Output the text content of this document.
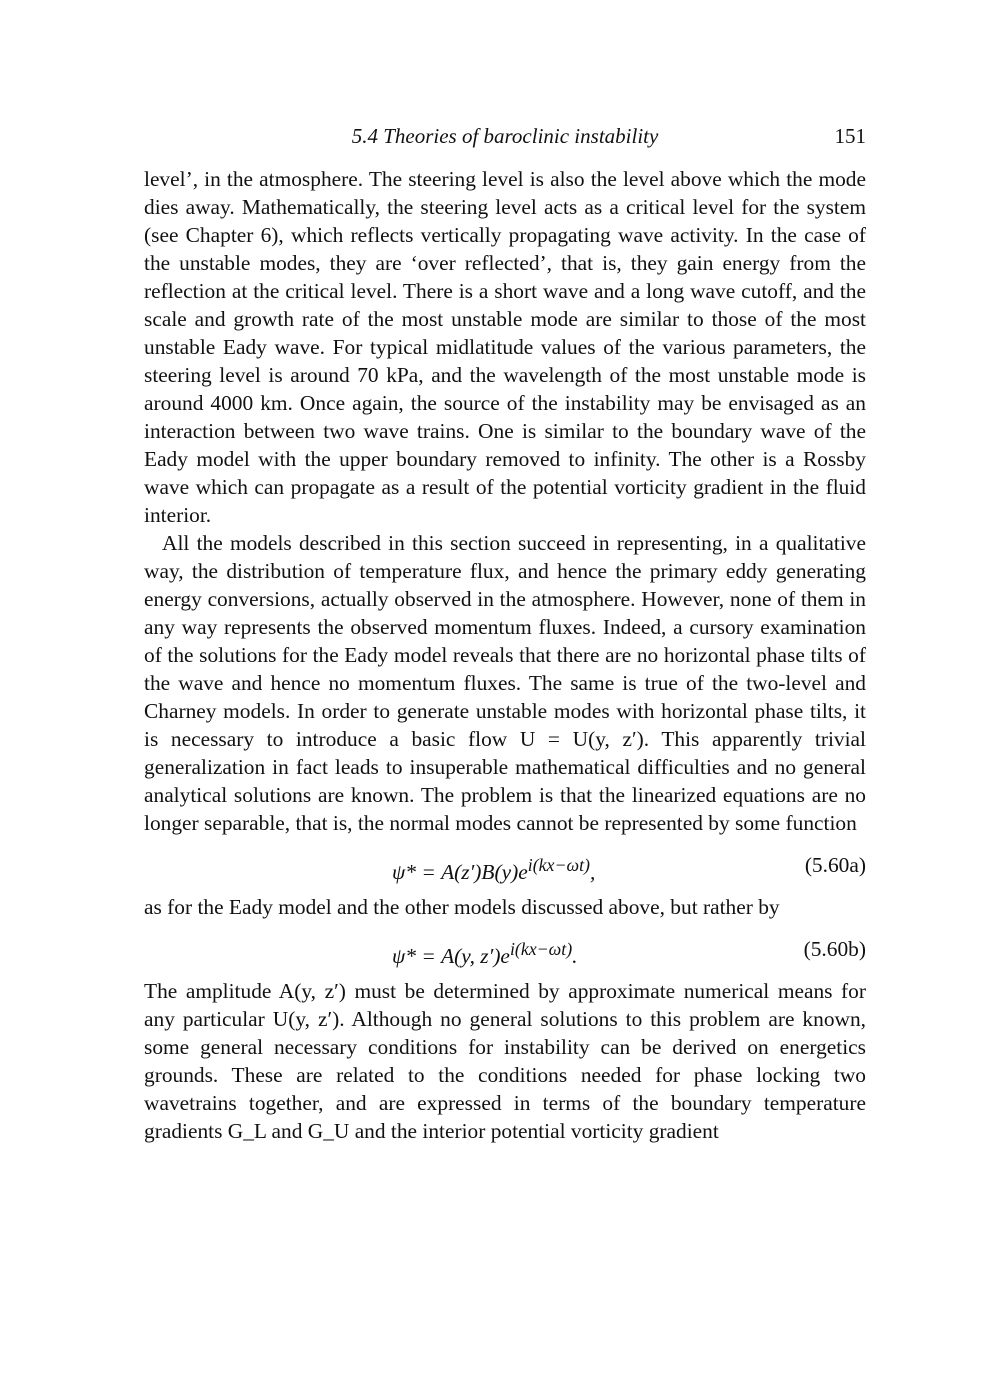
5.4 Theories of baroclinic instability	151

level’, in the atmosphere. The steering level is also the level above which the mode dies away. Mathematically, the steering level acts as a critical level for the system (see Chapter 6), which reflects vertically propagating wave activity. In the case of the unstable modes, they are ‘over reflected’, that is, they gain energy from the reflection at the critical level. There is a short wave and a long wave cutoff, and the scale and growth rate of the most unstable mode are similar to those of the most unstable Eady wave. For typical midlatitude values of the various parameters, the steering level is around 70 kPa, and the wavelength of the most unstable mode is around 4000 km. Once again, the source of the instability may be envisaged as an interaction between two wave trains. One is similar to the boundary wave of the Eady model with the upper boundary removed to infinity. The other is a Rossby wave which can propagate as a result of the potential vorticity gradient in the fluid interior.

All the models described in this section succeed in representing, in a qualitative way, the distribution of temperature flux, and hence the primary eddy generating energy conversions, actually observed in the atmosphere. However, none of them in any way represents the observed momentum fluxes. Indeed, a cursory examination of the solutions for the Eady model reveals that there are no horizontal phase tilts of the wave and hence no momentum fluxes. The same is true of the two-level and Charney models. In order to generate unstable modes with horizontal phase tilts, it is necessary to introduce a basic flow U = U(y, z′). This apparently trivial generalization in fact leads to insuperable mathematical difficulties and no general analytical solutions are known. The problem is that the linearized equations are no longer separable, that is, the normal modes cannot be represented by some function

$\psi* = A(z')B(y)e^{i(kx-\omega t)}$,	(5.60a)

as for the Eady model and the other models discussed above, but rather by

ψ* = A(y, $z')e^{i(kx-\omega t)}$.	(5.60b)

The amplitude A(y, z′) must be determined by approximate numerical means for any particular U(y, z′). Although no general solutions to this problem are known, some general necessary conditions for instability can be derived on energetics grounds. These are related to the conditions needed for phase locking two wavetrains together, and are expressed in terms of the boundary temperature gradients G_L and G_U and the interior potential vorticity gradient
